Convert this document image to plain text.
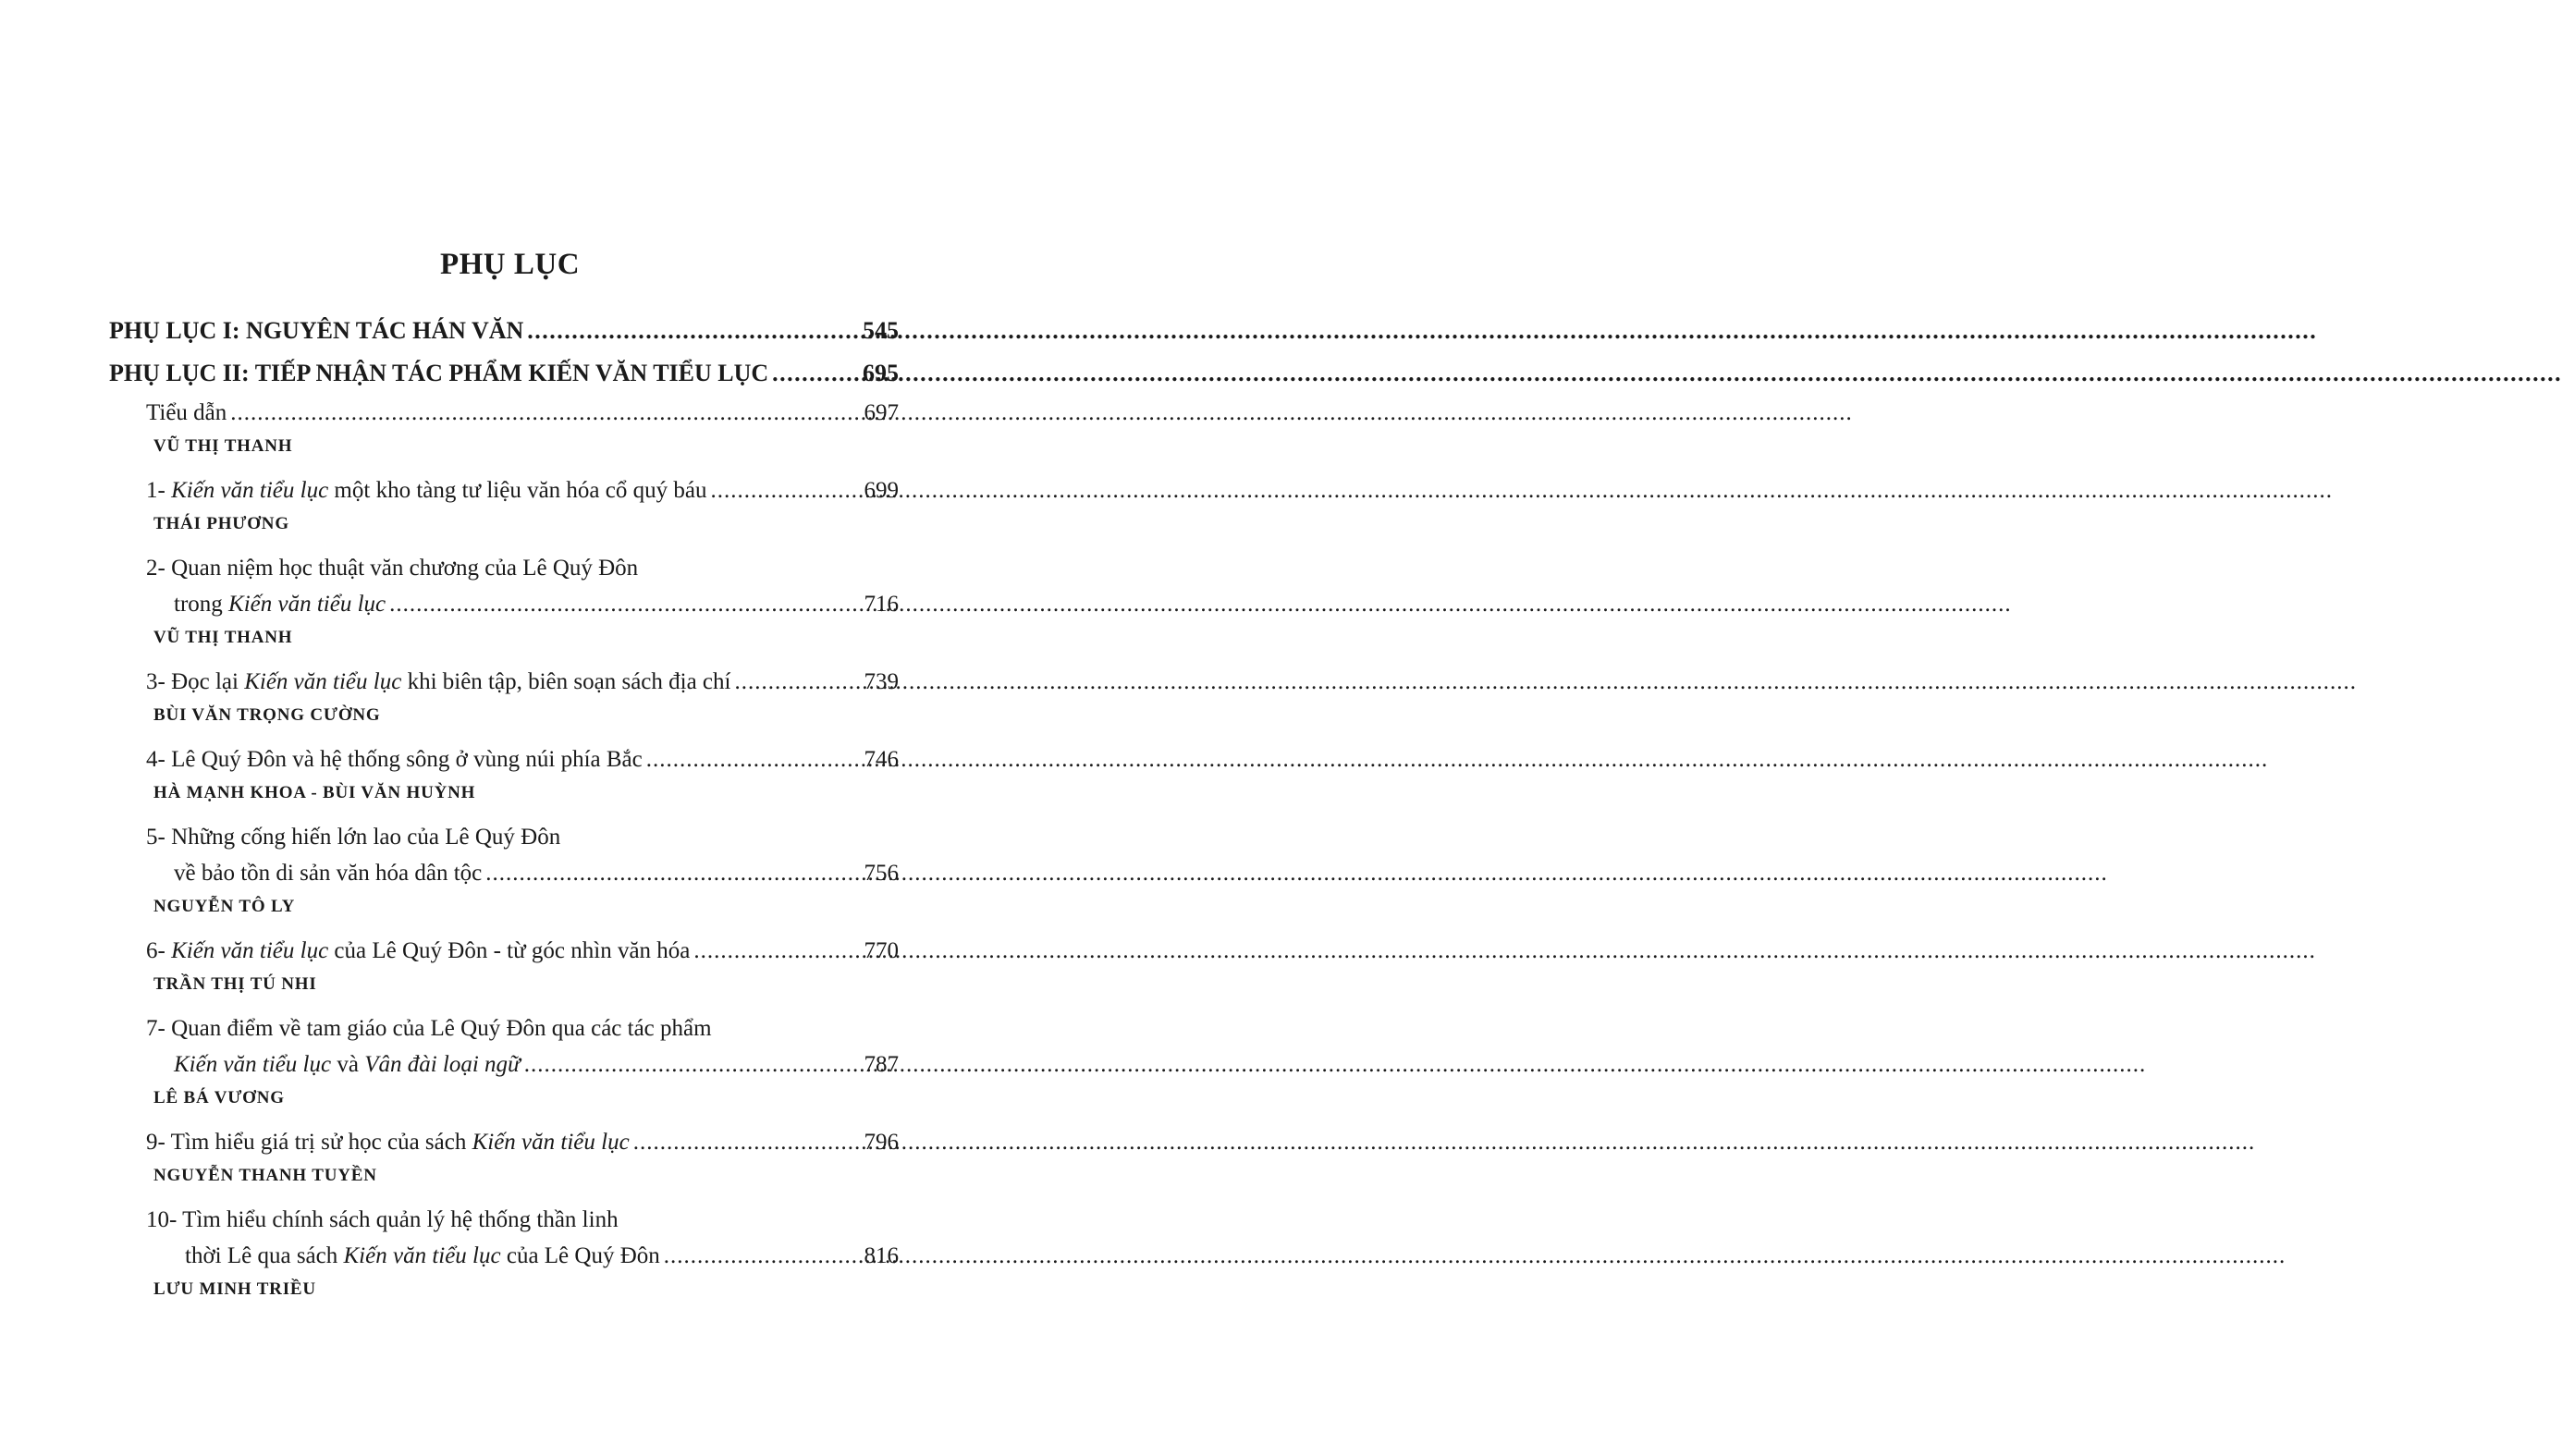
PHỤ LỤC
PHỤ LỤC I: NGUYÊN TÁC HÁN VĂN .....	545
PHỤ LỤC II: TIẾP NHẬN TÁC PHẨM KIẾN VĂN TIỂU LỤC .....	695
Tiểu dẫn .....	697
VŨ THỊ THANH
1- Kiến văn tiểu lục một kho tàng tư liệu văn hóa cổ quý báu .....	699
THÁI PHƯƠNG
2- Quan niệm học thuật văn chương của Lê Quý Đôn
trong Kiến văn tiểu lục .....	716
VŨ THỊ THANH
3- Đọc lại Kiến văn tiểu lục khi biên tập, biên soạn sách địa chí .....	739
BÙI VĂN TRỌNG CƯỜNG
4- Lê Quý Đôn và hệ thống sông ở vùng núi phía Bắc .....	746
HÀ MẠNH KHOA - BÙI VĂN HUỲNH
5- Những cống hiến lớn lao của Lê Quý Đôn
về bảo tồn di sản văn hóa dân tộc .....	756
NGUYỄN TÔ LY
6- Kiến văn tiểu lục của Lê Quý Đôn - từ góc nhìn văn hóa .....	770
TRẦN THỊ TÚ NHI
7- Quan điểm về tam giáo của Lê Quý Đôn qua các tác phẩm
Kiến văn tiểu lục và Vân đài loại ngữ .....	787
LÊ BÁ VƯƠNG
9- Tìm hiểu giá trị sử học của sách Kiến văn tiểu lục .....	796
NGUYỄN THANH TUYỀN
10- Tìm hiểu chính sách quản lý hệ thống thần linh
thời Lê qua sách Kiến văn tiểu lục của Lê Quý Đôn .....	816
LƯU MINH TRIỀU
